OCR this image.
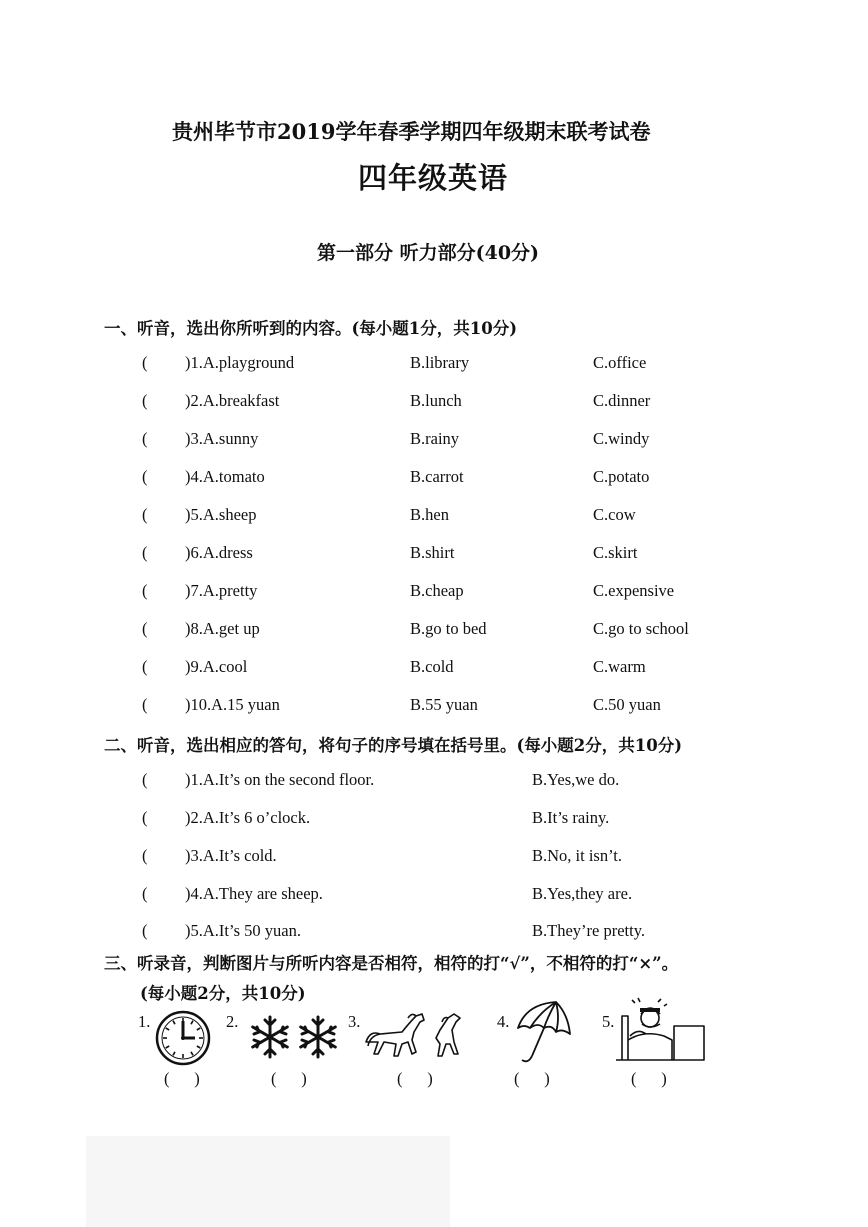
贵州毕节市2019学年春季学期四年级期末联考试卷
四年级英语
第一部分 听力部分(40分)
一、听音，选出你所听到的内容。(每小题1分，共10分)
( )1.A.playground	B.library	C.office
( )2.A.breakfast	B.lunch	C.dinner
( )3.A.sunny	B.rainy	C.windy
( )4.A.tomato	B.carrot	C.potato
( )5.A.sheep	B.hen	C.cow
( )6.A.dress	B.shirt	C.skirt
( )7.A.pretty	B.cheap	C.expensive
( )8.A.get up	B.go to bed	C.go to school
( )9.A.cool	B.cold	C.warm
( )10.A.15 yuan	B.55 yuan	C.50 yuan
二、听音，选出相应的答句，将句子的序号填在括号里。(每小题2分，共10分)
( )1.A.It’s on the second floor.	B.Yes,we do.
( )2.A.It’s 6 o’clock.	B.It’s rainy.
( )3.A.It’s cold.	B.No, it isn’t.
( )4.A.They are sheep.	B.Yes,they are.
( )5.A.It’s 50 yuan.	B.They’re pretty.
三、听录音，判断图片与所听内容是否相符，相符的打“√”，不相符的打“×”。
(每小题2分，共10分)
1.	2.	3.	4.	5.
(      )	(      )	(      )	(      )	(      )
